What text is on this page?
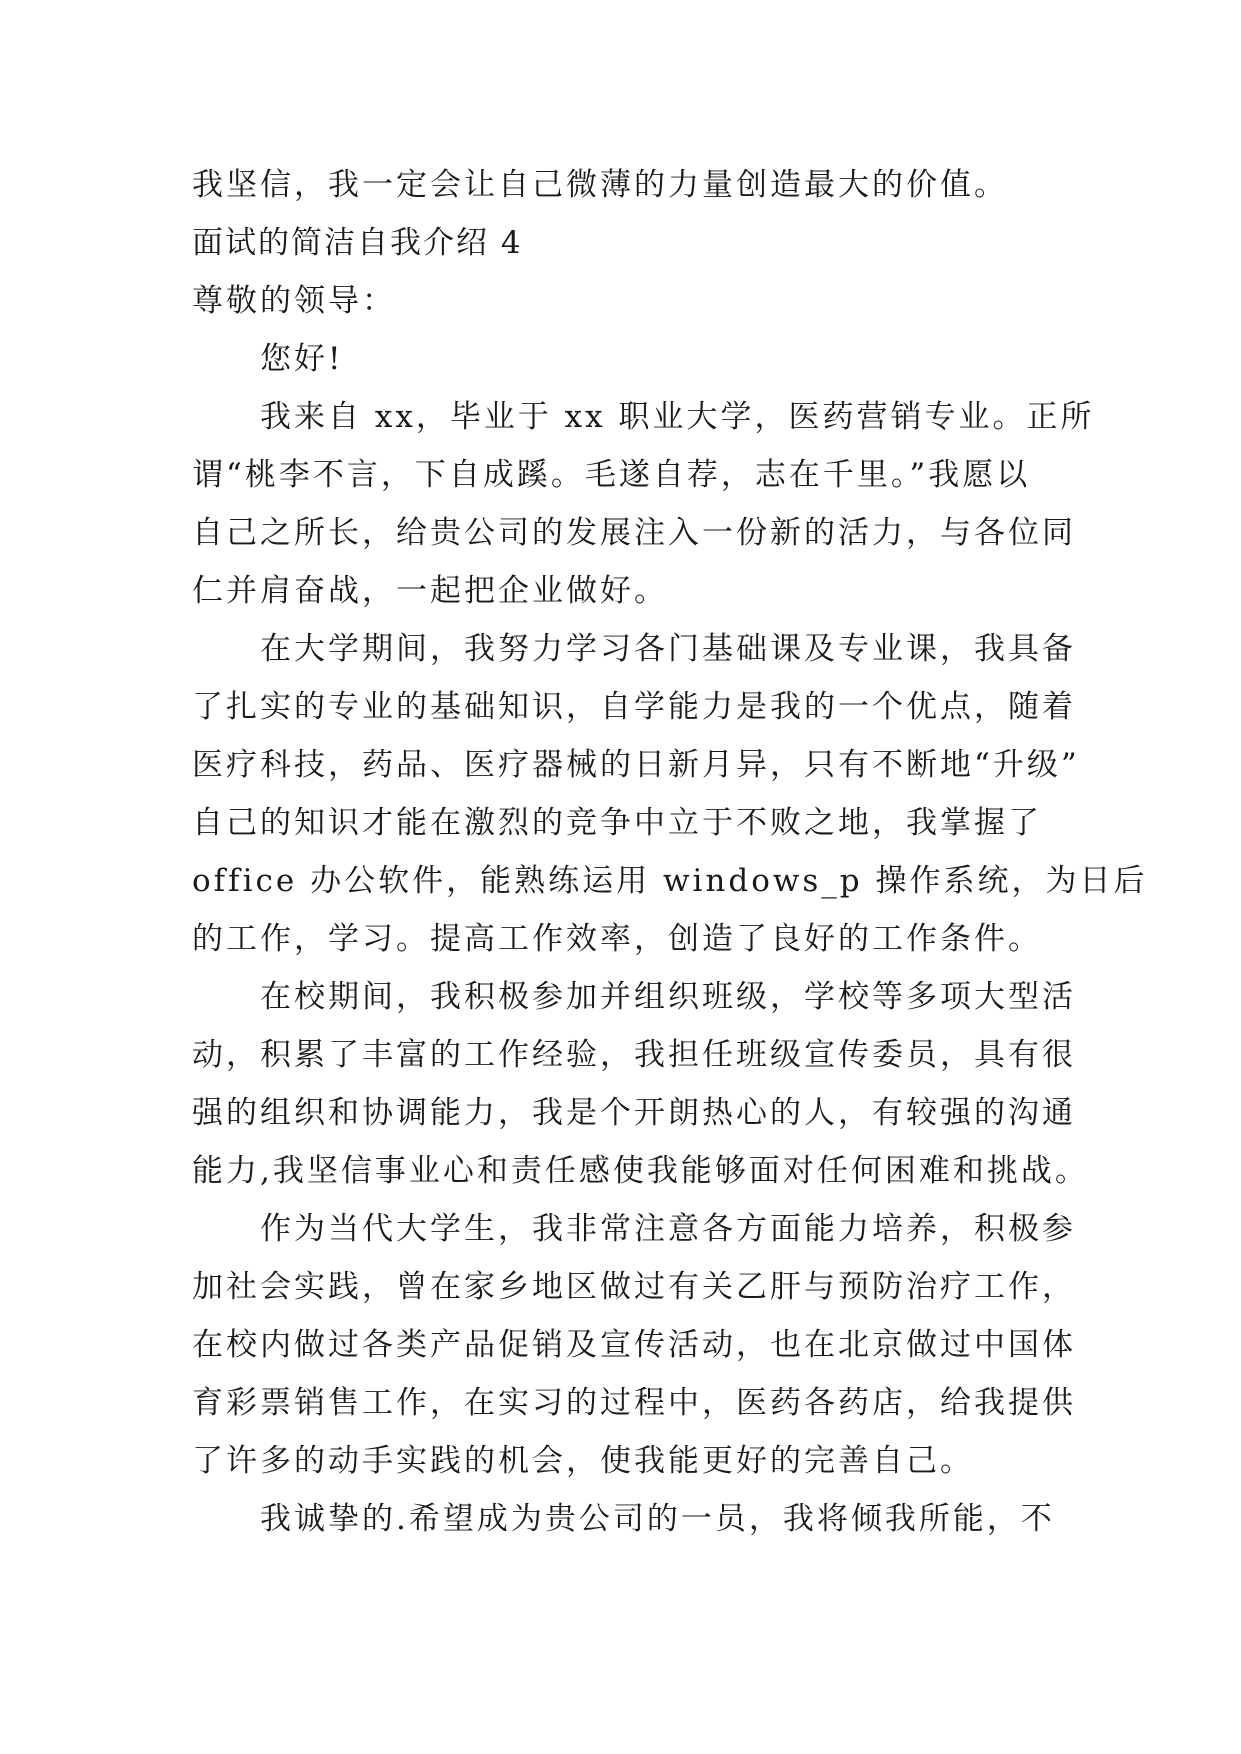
我坚信，我一定会让自己微薄的力量创造最大的价值。
面试的简洁自我介绍 4
尊敬的领导：
　　您好!
　　我来自 xx，毕业于 xx 职业大学，医药营销专业。正所
谓“桃李不言，下自成蹊。毛遂自荐，志在千里。”我愿以
自己之所长，给贵公司的发展注入一份新的活力，与各位同
仁并肩奋战，一起把企业做好。
　　在大学期间，我努力学习各门基础课及专业课，我具备
了扎实的专业的基础知识，自学能力是我的一个优点，随着
医疗科技，药品、医疗器械的日新月异，只有不断地“升级”
自己的知识才能在激烈的竞争中立于不败之地，我掌握了
office 办公软件，能熟练运用 windows_p 操作系统，为日后
的工作，学习。提高工作效率，创造了良好的工作条件。
　　在校期间，我积极参加并组织班级，学校等多项大型活
动，积累了丰富的工作经验，我担任班级宣传委员，具有很
强的组织和协调能力，我是个开朗热心的人，有较强的沟通
能力,我坚信事业心和责任感使我能够面对任何困难和挑战。
　　作为当代大学生，我非常注意各方面能力培养，积极参
加社会实践，曾在家乡地区做过有关乙肝与预防治疗工作，
在校内做过各类产品促销及宣传活动，也在北京做过中国体
育彩票销售工作，在实习的过程中，医药各药店，给我提供
了许多的动手实践的机会，使我能更好的完善自己。
　　我诚挚的.希望成为贵公司的一员，我将倾我所能，不
